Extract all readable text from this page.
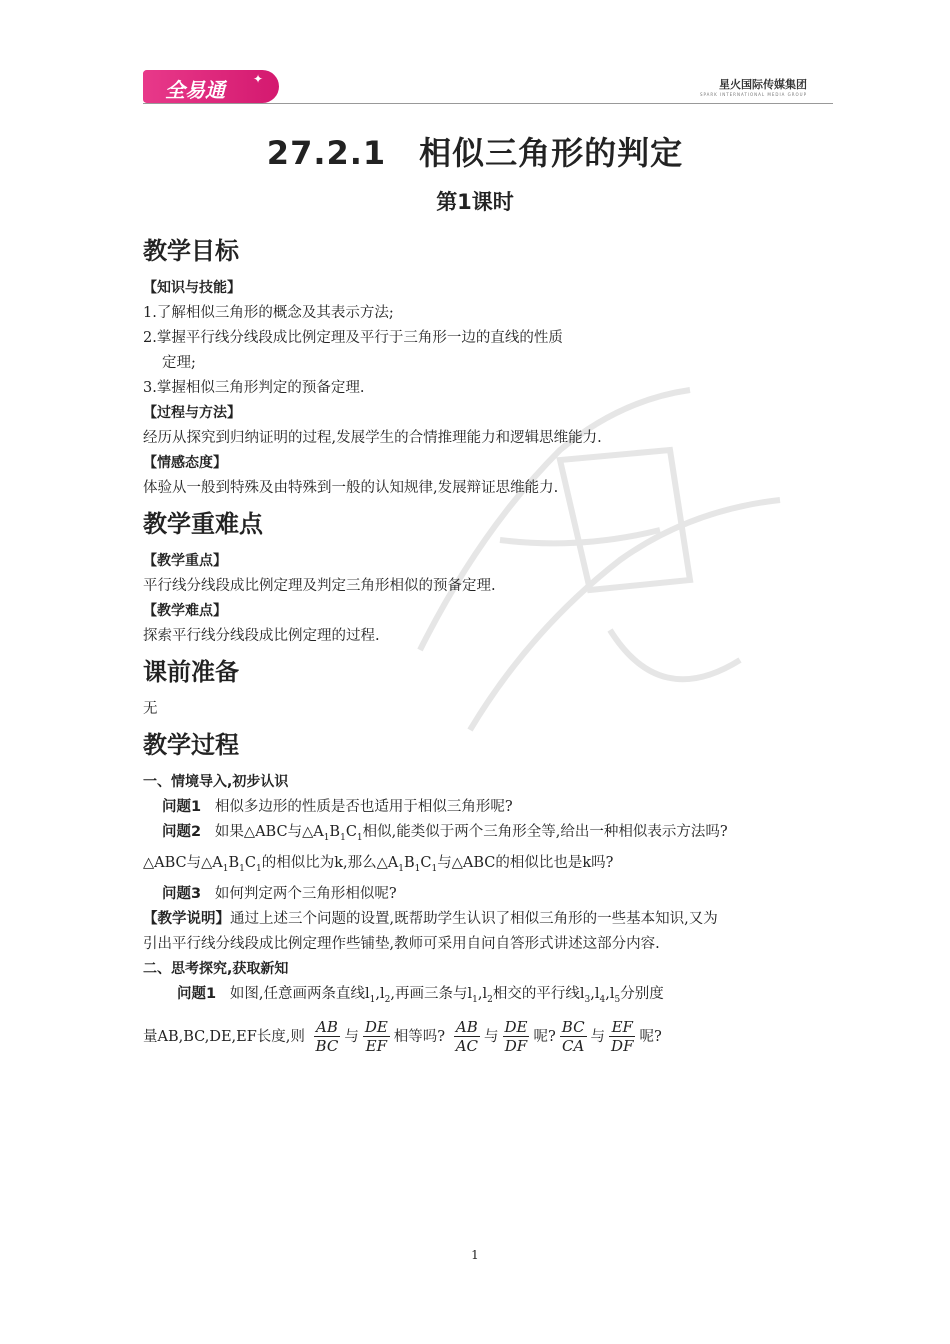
全易通 ✦	星火国际传媒集团
SPARK INTERNATIONAL MEDIA GROUP
27.2.1　相似三角形的判定
第1课时
教学目标
【知识与技能】
1.了解相似三角形的概念及其表示方法;
2.掌握平行线分线段成比例定理及平行于三角形一边的直线的性质
定理;
3.掌握相似三角形判定的预备定理.
【过程与方法】
经历从探究到归纳证明的过程,发展学生的合情推理能力和逻辑思维能力.
【情感态度】
体验从一般到特殊及由特殊到一般的认知规律,发展辩证思维能力.
教学重难点
【教学重点】
平行线分线段成比例定理及判定三角形相似的预备定理.
【教学难点】
探索平行线分线段成比例定理的过程.
课前准备
无
教学过程
一、情境导入,初步认识
问题1 相似多边形的性质是否也适用于相似三角形呢?
问题2 如果△ABC与$\triangle A_1B_1C_1$相似,能类似于两个三角形全等,给出一种相似表示方法吗?
△ABC与$\triangle A_1B_1C_1$的相似比为k,那么$\triangle A_1B_1C_1$与△ABC的相似比也是k吗?
问题3 如何判定两个三角形相似呢?
【教学说明】通过上述三个问题的设置,既帮助学生认识了相似三角形的一些基本知识,又为
引出平行线分线段成比例定理作些铺垫,教师可采用自问自答形式讲述这部分内容.
二、思考探究,获取新知
问题1 如图,任意画两条直线$l_1,l_2$,再画三条与$l_1,l_2$相交的平行线$l_3,l_4,l_5$分别度
量AB,BC,DE,EF长度,则 $\frac{AB}{BC}$ 与 $\frac{DE}{EF}$ 相等吗? $\frac{AB}{AC}$ 与 $\frac{DE}{DF}$ 呢? $\frac{BC}{CA}$ 与 $\frac{EF}{DF}$ 呢?
1
